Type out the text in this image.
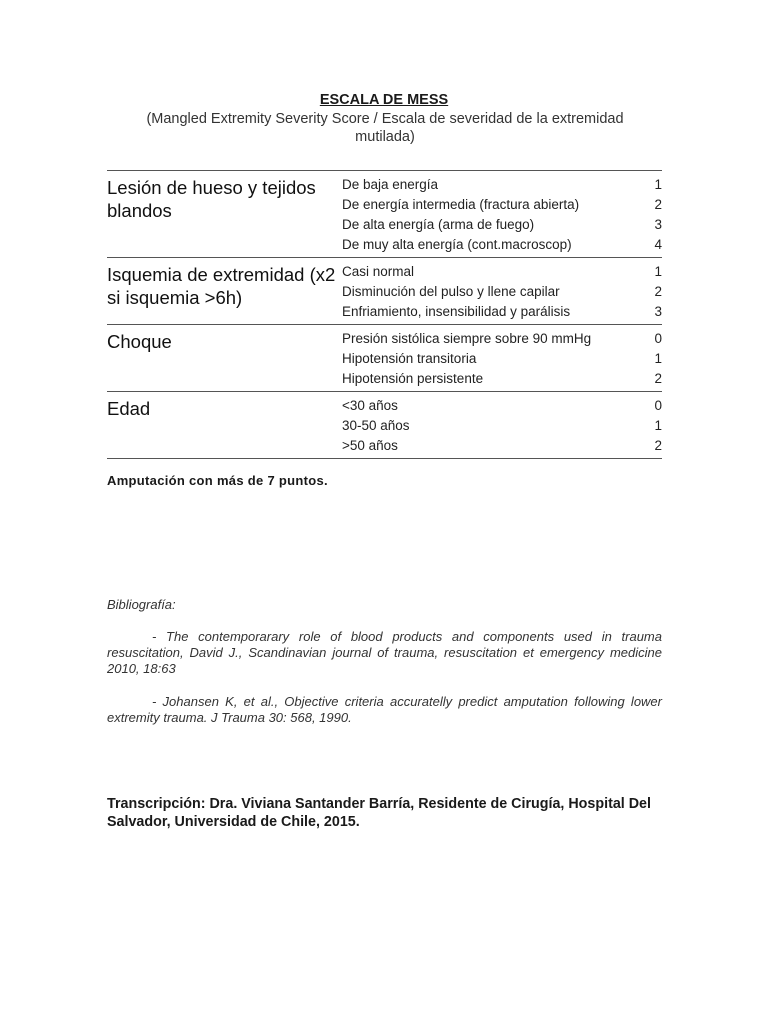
ESCALA DE MESS
(Mangled Extremity Severity Score / Escala de severidad de la extremidad mutilada)
Lesión de hueso y tejidos blandos
De baja energía	1
De energía intermedia (fractura abierta)	2
De alta energía (arma de fuego)	3
De muy alta energía (cont.macroscop)	4
Isquemia de extremidad (x2 si isquemia >6h)
Casi normal	1
Disminución del pulso y llene capilar	2
Enfriamiento, insensibilidad y parálisis	3
Choque	Presión sistólica siempre sobre 90 mmHg	0
Hipotensión transitoria	1
Hipotensión persistente	2
Edad	<30 años	0
30-50 años	1
>50 años	2
Amputación con más de 7 puntos.
Bibliografía:
- The contemporarary role of blood products and components used in trauma resuscitation, David J., Scandinavian journal of trauma, resuscitation et emergency medicine 2010, 18:63
- Johansen K, et al., Objective criteria accuratelly predict amputation following lower extremity trauma. J Trauma 30: 568, 1990.
Transcripción: Dra. Viviana Santander Barría, Residente de Cirugía, Hospital Del Salvador, Universidad de Chile, 2015.
